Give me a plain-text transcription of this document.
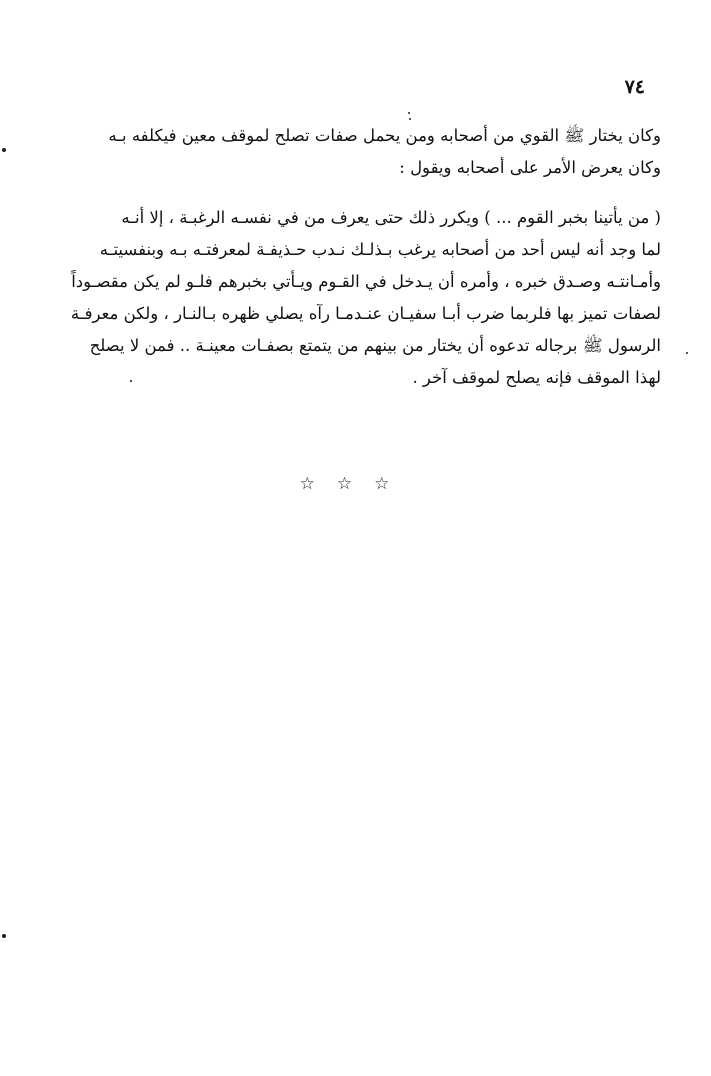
٧٤
وكان يختار ﷺ القوي من أصحابه ومن يحمل صفات تصلح لموقف معين فيكلفه بـه
وكان يعرض الأمر على أصحابه ويقول :
( من يأتينا بخبر القوم ... ) ويكرر ذلك حتى يعرف من في نفسـه الرغبـة ، إلا أنـه
لما وجد أنه ليس أحد من أصحابه يرغب بـذلـك نـدب حـذيفـة لمعرفتـه بـه وبنفسيتـه
وأمـانتـه وصـدق خبره ، وأمره أن يـدخل في القـوم ويـأتي بخبرهم فلـو لم يكن مقصـوداً
لصفات تميز بها فلربما ضرب أبـا سفيـان عنـدمـا رآه يصلي ظهره بـالنـار ، ولكن معرفـة
الرسول ﷺ برجاله تدعوه أن يختار من بينهم من يتمتع بصفـات معينـة .. فمن لا يصلح
لهذا الموقف فإنه يصلح لموقف آخر .
☆☆☆
